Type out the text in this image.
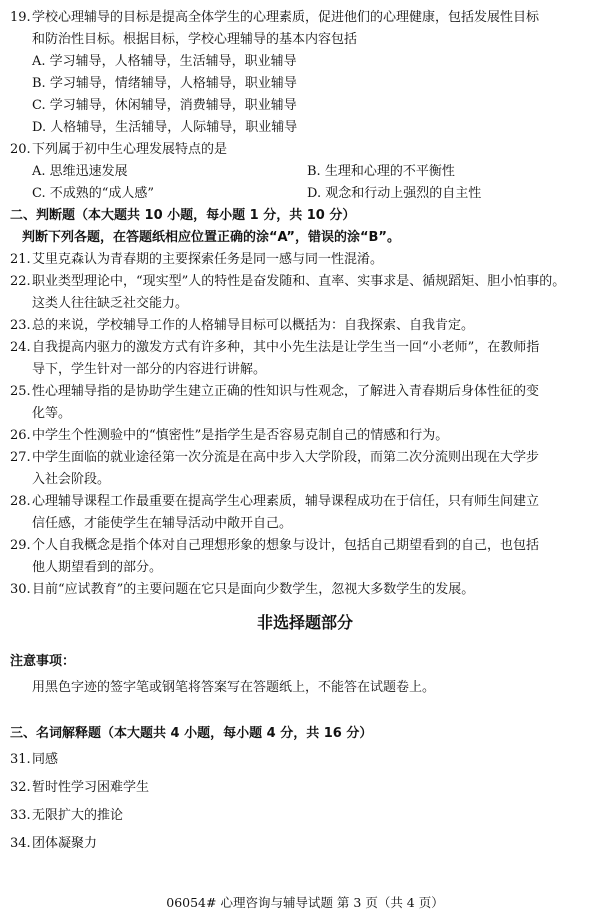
19.学校心理辅导的目标是提高全体学生的心理素质，促进他们的心理健康，包括发展性目标
和防治性目标。根据目标，学校心理辅导的基本内容包括
A. 学习辅导，人格辅导，生活辅导，职业辅导
B. 学习辅导，情绪辅导，人格辅导，职业辅导
C. 学习辅导，休闲辅导，消费辅导，职业辅导
D. 人格辅导，生活辅导，人际辅导，职业辅导
20.下列属于初中生心理发展特点的是
A. 思维迅速发展	B. 生理和心理的不平衡性
C. 不成熟的“成人感”	D. 观念和行动上强烈的自主性
二、判断题（本大题共 10 小题，每小题 1 分，共 10 分）
判断下列各题，在答题纸相应位置正确的涂“A”，错误的涂“B”。
21.艾里克森认为青春期的主要探索任务是同一感与同一性混淆。
22.职业类型理论中，“现实型”人的特性是奋发随和、直率、实事求是、循规蹈矩、胆小怕事的。
这类人往往缺乏社交能力。
23.总的来说，学校辅导工作的人格辅导目标可以概括为：自我探索、自我肯定。
24.自我提高内驱力的激发方式有许多种，其中小先生法是让学生当一回“小老师”，在教师指
导下，学生针对一部分的内容进行讲解。
25.性心理辅导指的是协助学生建立正确的性知识与性观念，了解进入青春期后身体性征的变
化等。
26.中学生个性测验中的“慎密性”是指学生是否容易克制自己的情感和行为。
27.中学生面临的就业途径第一次分流是在高中步入大学阶段，而第二次分流则出现在大学步
入社会阶段。
28.心理辅导课程工作最重要在提高学生心理素质，辅导课程成功在于信任，只有师生间建立
信任感，才能使学生在辅导活动中敞开自己。
29.个人自我概念是指个体对自己理想形象的想象与设计，包括自己期望看到的自己，也包括
他人期望看到的部分。
30.目前“应试教育”的主要问题在它只是面向少数学生，忽视大多数学生的发展。
非选择题部分
注意事项：
用黑色字迹的签字笔或钢笔将答案写在答题纸上，不能答在试题卷上。
三、名词解释题（本大题共 4 小题，每小题 4 分，共 16 分）
31.同感
32.暂时性学习困难学生
33.无限扩大的推论
34.团体凝聚力
06054# 心理咨询与辅导试题 第 3 页（共 4 页）
